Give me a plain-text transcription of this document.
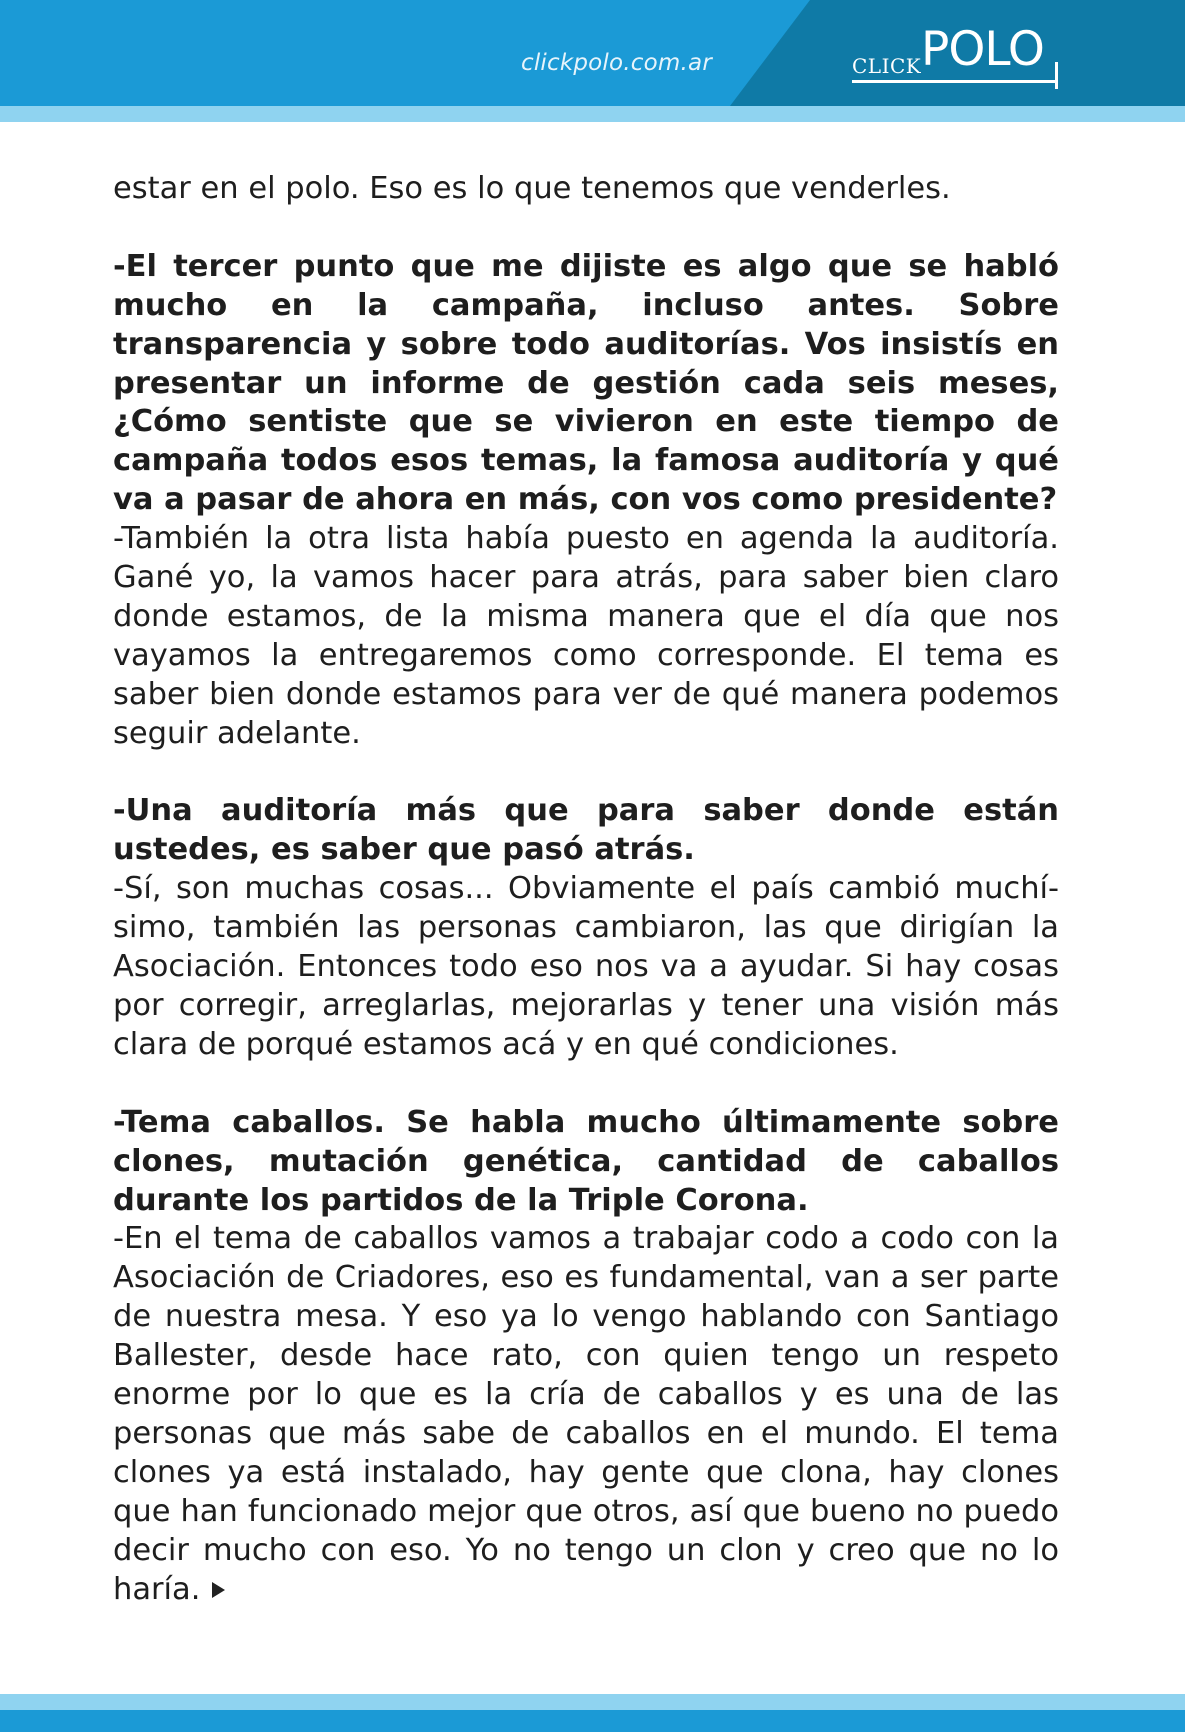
clickpolo.com.ar	CLICK POLO

estar en el polo. Eso es lo que tenemos que venderles.

-El tercer punto que me dijiste es algo que se habló mucho en la campaña, incluso antes. Sobre transparencia y sobre todo auditorías. Vos insistís en presentar un informe de gestión cada seis meses, ¿Cómo sentiste que se vivieron en este tiempo de campaña todos esos temas, la famosa auditoría y qué va a pasar de ahora en más, con vos como presidente?

-También la otra lista había puesto en agenda la auditoría. Gané yo, la vamos hacer para atrás, para saber bien claro donde estamos, de la misma manera que el día que nos vayamos la entregaremos como corresponde. El tema es saber bien donde estamos para ver de qué manera podemos seguir adelante.

-Una auditoría más que para saber donde están ustedes, es saber que pasó atrás.

-Sí, son muchas cosas... Obviamente el país cambió muchí-simo, también las personas cambiaron, las que dirigían la Asociación. Entonces todo eso nos va a ayudar. Si hay cosas por corregir, arreglarlas, mejorarlas y tener una visión más clara de porqué estamos acá y en qué condiciones.

-Tema caballos. Se habla mucho últimamente sobre clones, mutación genética, cantidad de caballos durante los partidos de la Triple Corona.

-En el tema de caballos vamos a trabajar codo a codo con la Asociación de Criadores, eso es fundamental, van a ser parte de nuestra mesa. Y eso ya lo vengo hablando con Santiago Ballester, desde hace rato, con quien tengo un respeto enorme por lo que es la cría de caballos y es una de las personas que más sabe de caballos en el mundo. El tema clones ya está instalado, hay gente que clona, hay clones que han funcionado mejor que otros, así que bueno no puedo decir mucho con eso. Yo no tengo un clon y creo que no lo haría.
